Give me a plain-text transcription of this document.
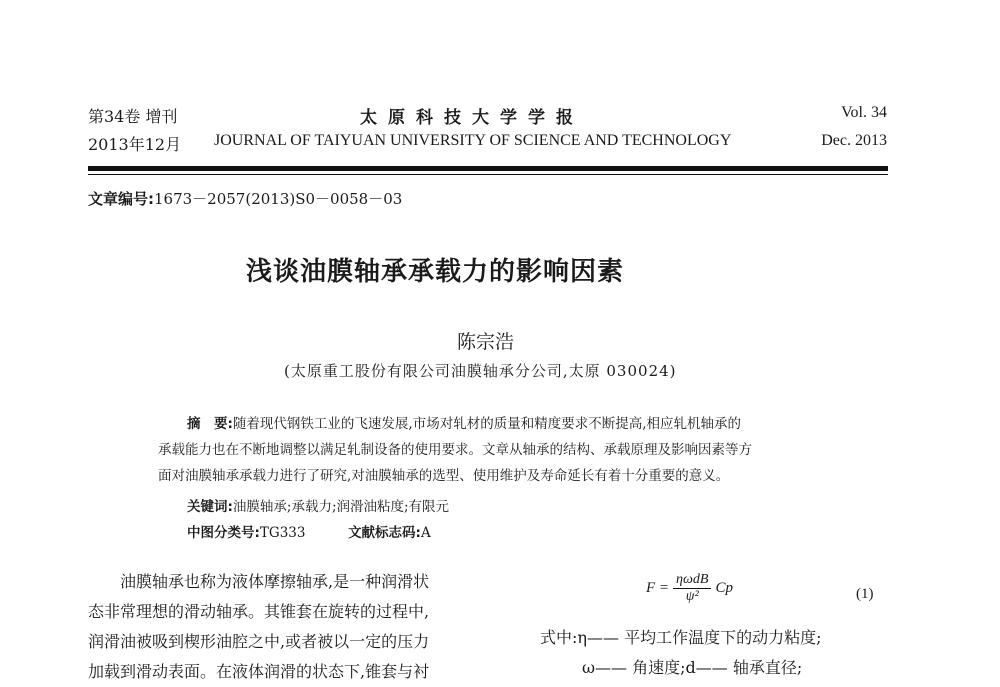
第34卷 增刊
2013年12月
太原科技大学学报
JOURNAL OF TAIYUAN UNIVERSITY OF SCIENCE AND TECHNOLOGY
Vol. 34
Dec. 2013
文章编号:1673－2057(2013)S0－0058－03
浅谈油膜轴承承载力的影响因素
陈宗浩
(太原重工股份有限公司油膜轴承分公司,太原 030024)
摘　要:随着现代钢铁工业的飞速发展,市场对轧材的质量和精度要求不断提高,相应轧机轴承的
承载能力也在不断地调整以满足轧制设备的使用要求。文章从轴承的结构、承载原理及影响因素等方
面对油膜轴承承载力进行了研究,对油膜轴承的选型、使用维护及寿命延长有着十分重要的意义。
关键词:油膜轴承;承载力;润滑油粘度;有限元
中图分类号:TG333	文献标志码:A
油膜轴承也称为液体摩擦轴承,是一种润滑状
态非常理想的滑动轴承。其锥套在旋转的过程中,
润滑油被吸到楔形油腔之中,或者被以一定的压力
加载到滑动表面。在液体润滑的状态下,锥套与衬
$F = \frac{\text{ηωdB}}{\text{ψ²}}$ Cp	(1)
式中:η—— 平均工作温度下的动力粘度;
ω—— 角速度;d—— 轴承直径;
